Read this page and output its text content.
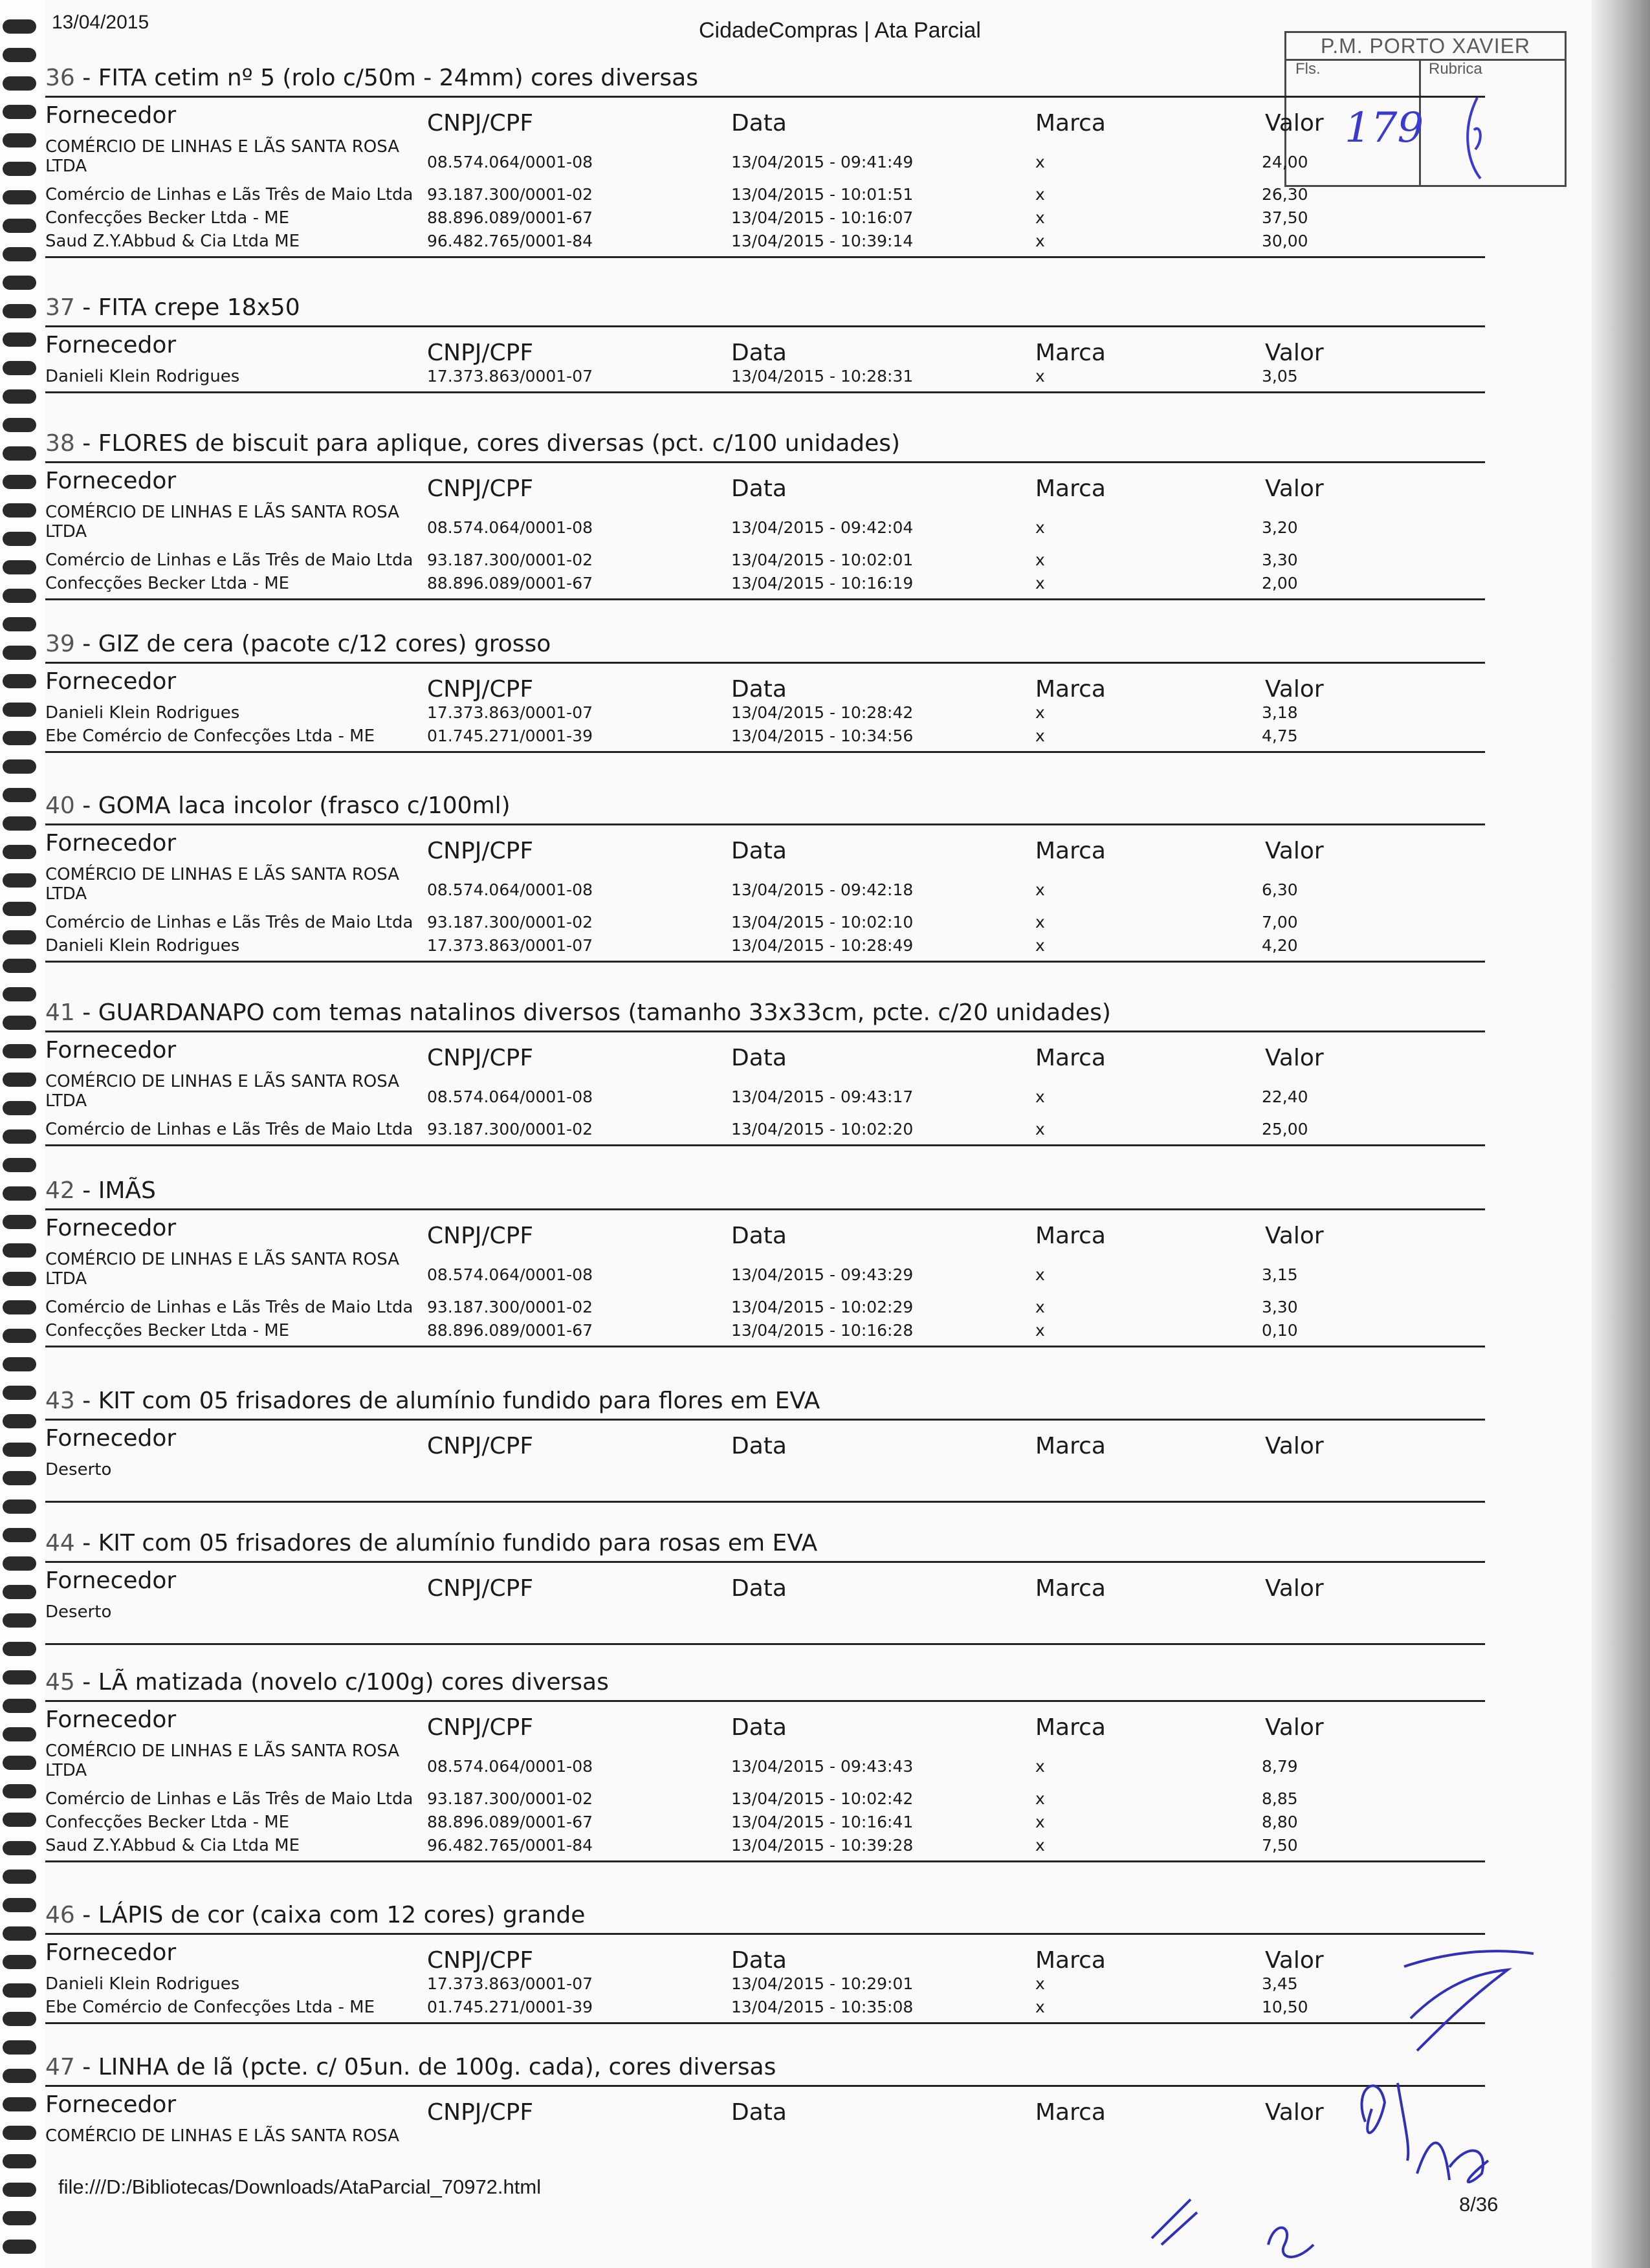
13/04/2015	CidadeCompras | Ata Parcial
P.M. PORTO XAVIER
Fls.	Rubrica
179
36 - FITA cetim nº 5 (rolo c/50m - 24mm) cores diversas
Fornecedor	CNPJ/CPF	Data	Marca	Valor
COMÉRCIO DE LINHAS E LÃS SANTA ROSA
LTDA	08.574.064/0001-08	13/04/2015 - 09:41:49	x	24,00
Comércio de Linhas e Lãs Três de Maio Ltda 93.187.300/0001-02	13/04/2015 - 10:01:51	x	26,30
Confecções Becker Ltda - ME	88.896.089/0001-67	13/04/2015 - 10:16:07	x	37,50
Saud Z.Y.Abbud & Cia Ltda ME	96.482.765/0001-84	13/04/2015 - 10:39:14	x	30,00
37 - FITA crepe 18x50
Fornecedor	CNPJ/CPF	Data	Marca	Valor
Danieli Klein Rodrigues	17.373.863/0001-07	13/04/2015 - 10:28:31	x	3,05
38 - FLORES de biscuit para aplique, cores diversas (pct. c/100 unidades)
Fornecedor	CNPJ/CPF	Data	Marca	Valor
COMÉRCIO DE LINHAS E LÃS SANTA ROSA
LTDA	08.574.064/0001-08	13/04/2015 - 09:42:04	x	3,20
Comércio de Linhas e Lãs Três de Maio Ltda 93.187.300/0001-02	13/04/2015 - 10:02:01	x	3,30
Confecções Becker Ltda - ME	88.896.089/0001-67	13/04/2015 - 10:16:19	x	2,00
39 - GIZ de cera (pacote c/12 cores) grosso
Fornecedor	CNPJ/CPF	Data	Marca	Valor
Danieli Klein Rodrigues	17.373.863/0001-07	13/04/2015 - 10:28:42	x	3,18
Ebe Comércio de Confecções Ltda - ME	01.745.271/0001-39	13/04/2015 - 10:34:56	x	4,75
40 - GOMA laca incolor (frasco c/100ml)
Fornecedor	CNPJ/CPF	Data	Marca	Valor
COMÉRCIO DE LINHAS E LÃS SANTA ROSA
LTDA	08.574.064/0001-08	13/04/2015 - 09:42:18	x	6,30
Comércio de Linhas e Lãs Três de Maio Ltda 93.187.300/0001-02	13/04/2015 - 10:02:10	x	7,00
Danieli Klein Rodrigues	17.373.863/0001-07	13/04/2015 - 10:28:49	x	4,20
41 - GUARDANAPO com temas natalinos diversos (tamanho 33x33cm, pcte. c/20 unidades)
Fornecedor	CNPJ/CPF	Data	Marca	Valor
COMÉRCIO DE LINHAS E LÃS SANTA ROSA
LTDA	08.574.064/0001-08	13/04/2015 - 09:43:17	x	22,40
Comércio de Linhas e Lãs Três de Maio Ltda 93.187.300/0001-02	13/04/2015 - 10:02:20	x	25,00
42 - IMÃS
Fornecedor	CNPJ/CPF	Data	Marca	Valor
COMÉRCIO DE LINHAS E LÃS SANTA ROSA
LTDA	08.574.064/0001-08	13/04/2015 - 09:43:29	x	3,15
Comércio de Linhas e Lãs Três de Maio Ltda 93.187.300/0001-02	13/04/2015 - 10:02:29	x	3,30
Confecções Becker Ltda - ME	88.896.089/0001-67	13/04/2015 - 10:16:28	x	0,10
43 - KIT com 05 frisadores de alumínio fundido para flores em EVA
Fornecedor	CNPJ/CPF	Data	Marca	Valor
Deserto
44 - KIT com 05 frisadores de alumínio fundido para rosas em EVA
Fornecedor	CNPJ/CPF	Data	Marca	Valor
Deserto
45 - LÃ matizada (novelo c/100g) cores diversas
Fornecedor	CNPJ/CPF	Data	Marca	Valor
COMÉRCIO DE LINHAS E LÃS SANTA ROSA
LTDA	08.574.064/0001-08	13/04/2015 - 09:43:43	x	8,79
Comércio de Linhas e Lãs Três de Maio Ltda 93.187.300/0001-02	13/04/2015 - 10:02:42	x	8,85
Confecções Becker Ltda - ME	88.896.089/0001-67	13/04/2015 - 10:16:41	x	8,80
Saud Z.Y.Abbud & Cia Ltda ME	96.482.765/0001-84	13/04/2015 - 10:39:28	x	7,50
46 - LÁPIS de cor (caixa com 12 cores) grande
Fornecedor	CNPJ/CPF	Data	Marca	Valor
Danieli Klein Rodrigues	17.373.863/0001-07	13/04/2015 - 10:29:01	x	3,45
Ebe Comércio de Confecções Ltda - ME	01.745.271/0001-39	13/04/2015 - 10:35:08	x	10,50
47 - LINHA de lã (pcte. c/ 05un. de 100g. cada), cores diversas
Fornecedor	CNPJ/CPF	Data	Marca	Valor
COMÉRCIO DE LINHAS E LÃS SANTA ROSA
file:///D:/Bibliotecas/Downloads/AtaParcial_70972.html
8/36
